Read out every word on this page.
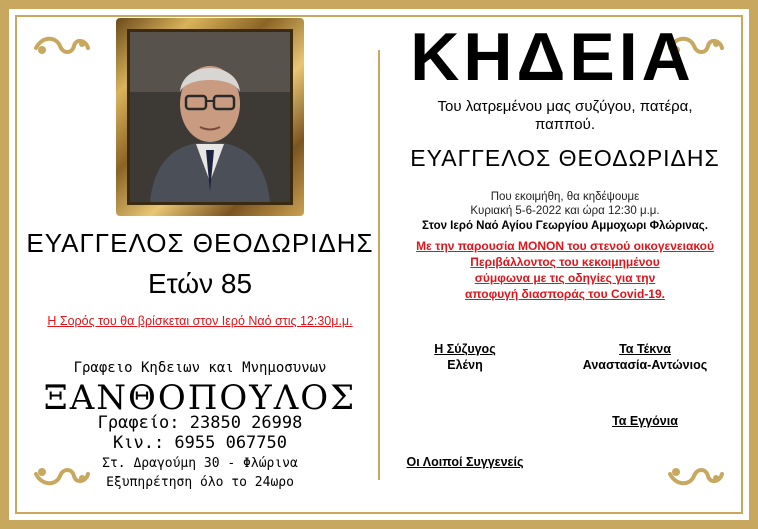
ΕΥΑΓΓΕΛΟΣ ΘΕΟΔΩΡΙΔΗΣ
Ετών 85
Η Σορός του θα βρίσκεται στον Ιερό Ναό στις 12:30μ.μ.
Γραφειο Κηδειων και Μνημοσυνων
ΞΑΝΘΟΠΟΥΛΟΣ
Γραφείο: 23850 26998
Κιν.: 6955 067750
Στ. Δραγούμη 30 - Φλώρινα
Εξυπηρέτηση όλο το 24ωρο
ΚΗΔΕΙΑ
Του λατρεμένου μας συζύγου, πατέρα,
παππού.
ΕΥΑΓΓΕΛΟΣ ΘΕΟΔΩΡΙΔΗΣ
Που εκοιμήθη, θα κηδέψουμε
Κυριακή 5-6-2022 και ώρα 12:30 μ.μ.
Στον Ιερό Ναό Αγίου Γεωργίου Αμμοχωρι Φλώρινας.
Με την παρουσία ΜΟΝΟΝ του στενού οικογενειακού
Περιβάλλοντος του κεκοιμημένου
σύμφωνα με τις οδηγίες για την
αποφυγή διασποράς του Covid-19.
Η Σύζυγος
Ελένη
Τα Τέκνα
Αναστασία-Αντώνιος
Τα Εγγόνια
Οι Λοιποί Συγγενείς
